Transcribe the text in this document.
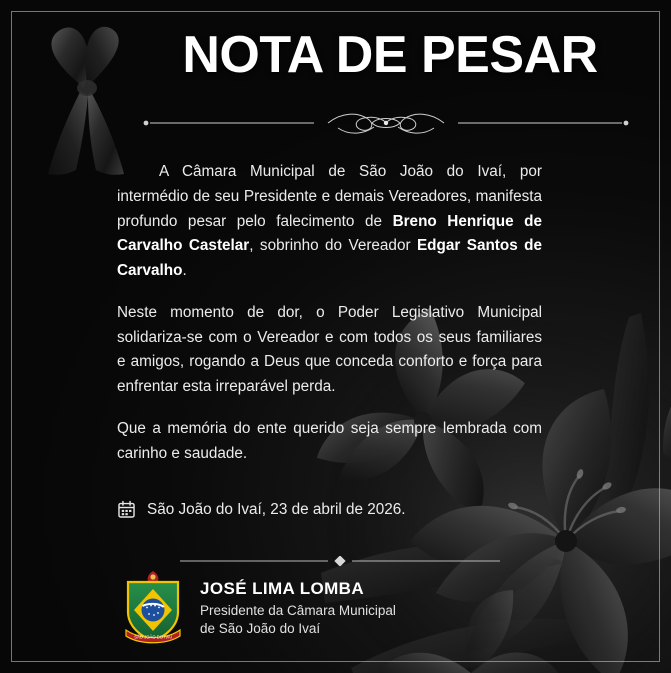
NOTA DE PESAR

A Câmara Municipal de São João do Ivaí, por intermédio de seu Presidente e demais Vereadores, manifesta profundo pesar pelo falecimento de Breno Henrique de Carvalho Castelar, sobrinho do Vereador Edgar Santos de Carvalho.

Neste momento de dor, o Poder Legislativo Municipal solidariza-se com o Vereador e com todos os seus familiares e amigos, rogando a Deus que conceda conforto e força para enfrentar esta irreparável perda.

Que a memória do ente querido seja sempre lembrada com carinho e saudade.

São João do Ivaí, 23 de abril de 2026.
SÃO JOÃO DO IVAÍ
JOSÉ LIMA LOMBA
Presidente da Câmara Municipal
de São João do Ivaí
